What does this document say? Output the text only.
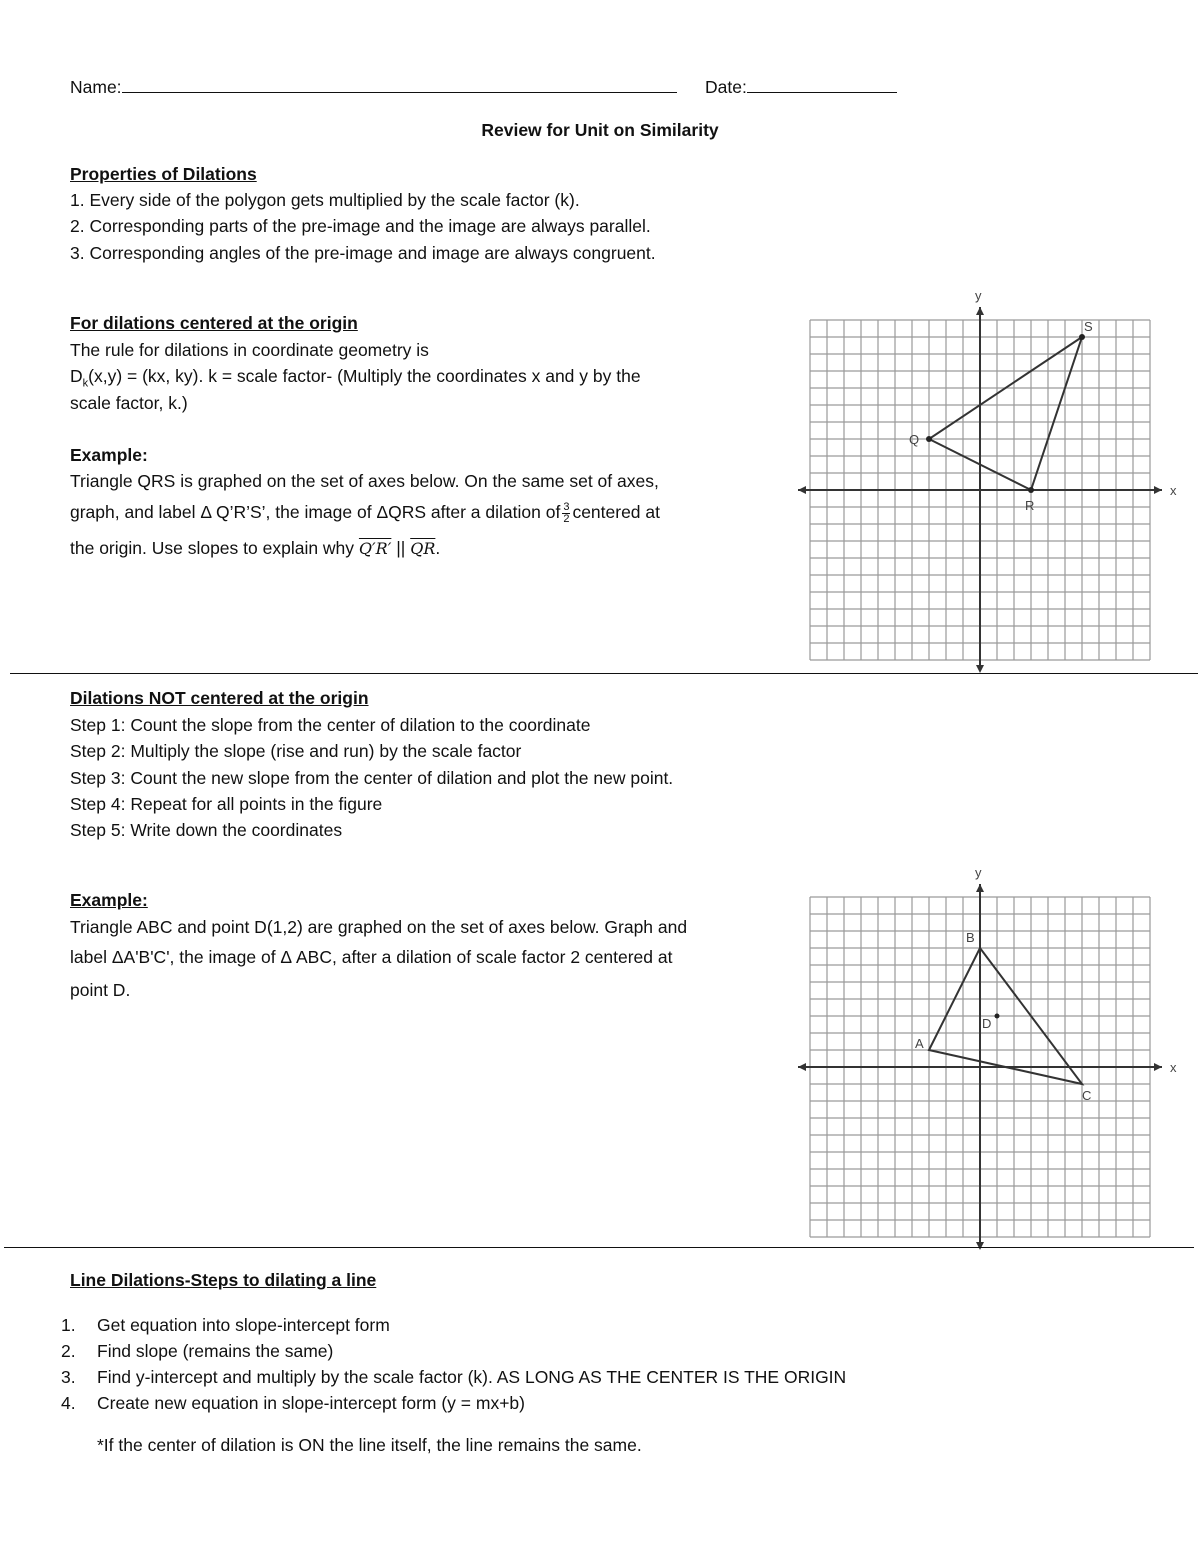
Name:	Date:
Review for Unit on Similarity
Properties of Dilations
1. Every side of the polygon gets multiplied by the scale factor (k).
2. Corresponding parts of the pre-image and the image are always parallel.
3. Corresponding angles of the pre-image and image are always congruent.
For dilations centered at the origin
The rule for dilations in coordinate geometry is
$D_k(x,y) = (kx$, ky). k = scale factor- (Multiply the coordinates x and y by the
scale factor, k.)
Example:
Triangle QRS is graphed on the set of axes below. On the same set of axes,
graph, and label Δ Q’R’S’, the image of ΔQRS after a dilation of $\frac{3}{2}$ centered at
the origin. Use slopes to explain why Q′R′ || $\overline{QR}$.
x
y
Q
R
S
Dilations NOT centered at the origin
Step 1: Count the slope from the center of dilation to the coordinate
Step 2: Multiply the slope (rise and run) by the scale factor
Step 3: Count the new slope from the center of dilation and plot the new point.
Step 4: Repeat for all points in the figure
Step 5: Write down the coordinates
Example:
Triangle ABC and point D(1,2) are graphed on the set of axes below. Graph and
label ΔA'B'C', the image of Δ ABC, after a dilation of scale factor 2 centered at
point D.
x
y
A
B
C
D
Line Dilations-Steps to dilating a line
1. Get equation into slope-intercept form
2. Find slope (remains the same)
3. Find y-intercept and multiply by the scale factor (k). AS LONG AS THE CENTER IS THE ORIGIN
4. Create new equation in slope-intercept form (y = mx+b)
*If the center of dilation is ON the line itself, the line remains the same.
